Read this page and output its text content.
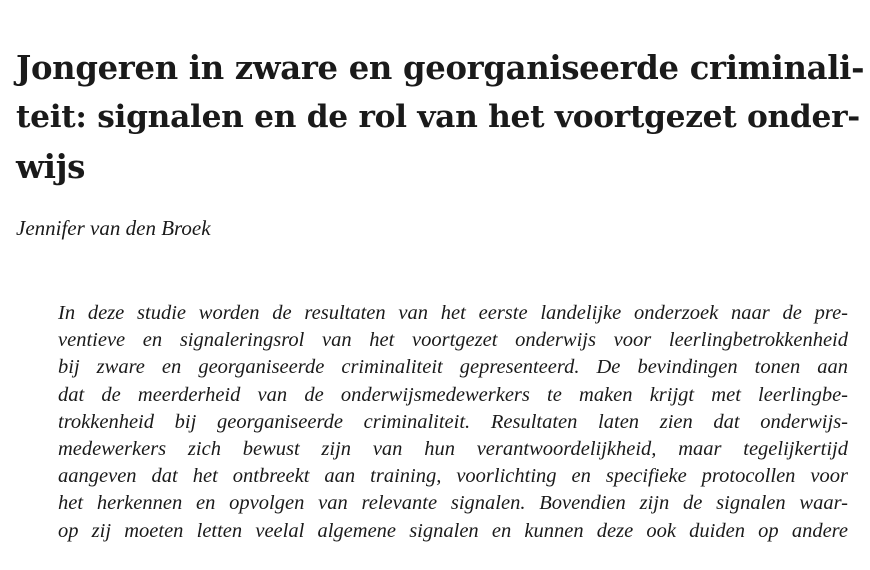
Jongeren in zware en georganiseerde criminali-
teit: signalen en de rol van het voortgezet onder-
wijs

Jennifer van den Broek

In deze studie worden de resultaten van het eerste landelijke onderzoek naar de pre-
ventieve en signaleringsrol van het voortgezet onderwijs voor leerlingbetrokkenheid
bij zware en georganiseerde criminaliteit gepresenteerd. De bevindingen tonen aan
dat de meerderheid van de onderwijsmedewerkers te maken krijgt met leerlingbe-
trokkenheid bij georganiseerde criminaliteit. Resultaten laten zien dat onderwijs-
medewerkers zich bewust zijn van hun verantwoordelijkheid, maar tegelijkertijd
aangeven dat het ontbreekt aan training, voorlichting en specifieke protocollen voor
het herkennen en opvolgen van relevante signalen. Bovendien zijn de signalen waar-
op zij moeten letten veelal algemene signalen en kunnen deze ook duiden op andere
